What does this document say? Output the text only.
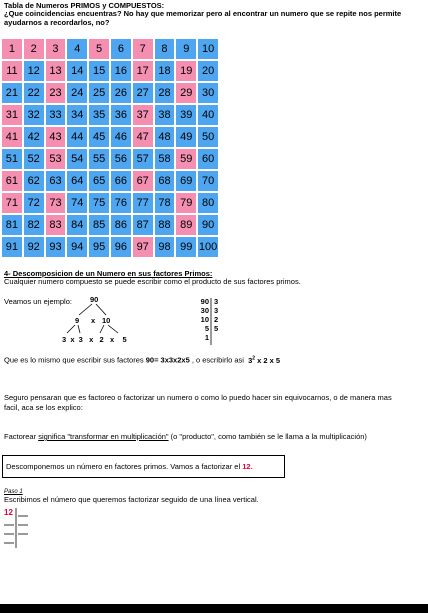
Tabla de Numeros PRIMOS y COMPUESTOS:
¿Que coincidencias encuentras? No hay que memorizar pero al encontrar un numero que se repite nos permite ayudarnos a recordarlos, no?
1	2	3	4	5	6	7	8	9	10
11 12 13 14 15 16 17 18 19 20
21 22 23 24 25 26 27 28 29 30
31 32 33 34 35 36 37 38 39 40
41 42 43 44 45 46 47 48 49 50
51 52 53 54 55 56 57 58 59 60
61 62 63 64 65 66 67 68 69 70
71 72 73 74 75 76 77 78 79 80
81 82 83 84 85 86 87 88 89 90
91 92 93 94 95 96 97 98 99 100
4- Descomposicion de un Numero en sus factores Primos:
Cualquier numero compuesto se puede escribir como el producto de sus factores primos.
Veamos un ejemplo: 90
9 x 10
3  x  3   x   2   x    5
90 3
30 3
10 2
5 5
1
Que es lo mismo que escribir sus factores 90= 3x3x2x5 , o escribirlo asi $3^2$ x 2 x 5
Seguro pensaran que es factoreo o factorizar un numero o como lo puedo hacer sin equivocarnos, o de manera mas facil, aca se los explico:
Factorear significa "transformar en multiplicación" (o "producto", como también se le llama a la multiplicación)
Descomponemos un número en factores primos. Vamos a factorizar el 12.
Paso 1
Escribimos el número que queremos factorizar seguido de una línea vertical.
12
